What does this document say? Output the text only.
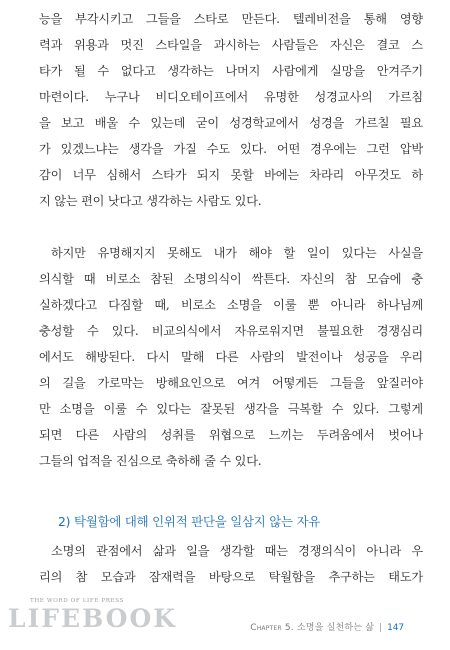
능을 부각시키고 그들을 스타로 만든다. 텔레비전을 통해 영향
력과 위용과 멋진 스타일을 과시하는 사람들은 자신은 결코 스
타가 될 수 없다고 생각하는 나머지 사람에게 실망을 안겨주기
마련이다. 누구나 비디오테이프에서 유명한 성경교사의 가르침
을 보고 배울 수 있는데 굳이 성경학교에서 성경을 가르칠 필요
가 있겠느냐는 생각을 가질 수도 있다. 어떤 경우에는 그런 압박
감이 너무 심해서 스타가 되지 못할 바에는 차라리 아무것도 하
지 않는 편이 낫다고 생각하는 사람도 있다.
하지만 유명해지지 못해도 내가 해야 할 일이 있다는 사실을
의식할 때 비로소 참된 소명의식이 싹튼다. 자신의 참 모습에 충
실하겠다고 다짐할 때, 비로소 소명을 이룰 뿐 아니라 하나님께
충성할 수 있다. 비교의식에서 자유로워지면 불필요한 경쟁심리
에서도 해방된다. 다시 말해 다른 사람의 발전이나 성공을 우리
의 길을 가로막는 방해요인으로 여겨 어떻게든 그들을 앞질러야
만 소명을 이룰 수 있다는 잘못된 생각을 극복할 수 있다. 그렇게
되면 다른 사람의 성취를 위협으로 느끼는 두려움에서 벗어나
그들의 업적을 진심으로 축하해 줄 수 있다.
2) 탁월함에 대해 인위적 판단을 일삼지 않는 자유
소명의 관점에서 삶과 일을 생각할 때는 경쟁의식이 아니라 우
리의 참 모습과 잠재력을 바탕으로 탁월함을 추구하는 태도가
THE WORD OF LIFE PRESS
LIFEBOOK	Chapter 5. 소명을 실천하는 삶 | 147
